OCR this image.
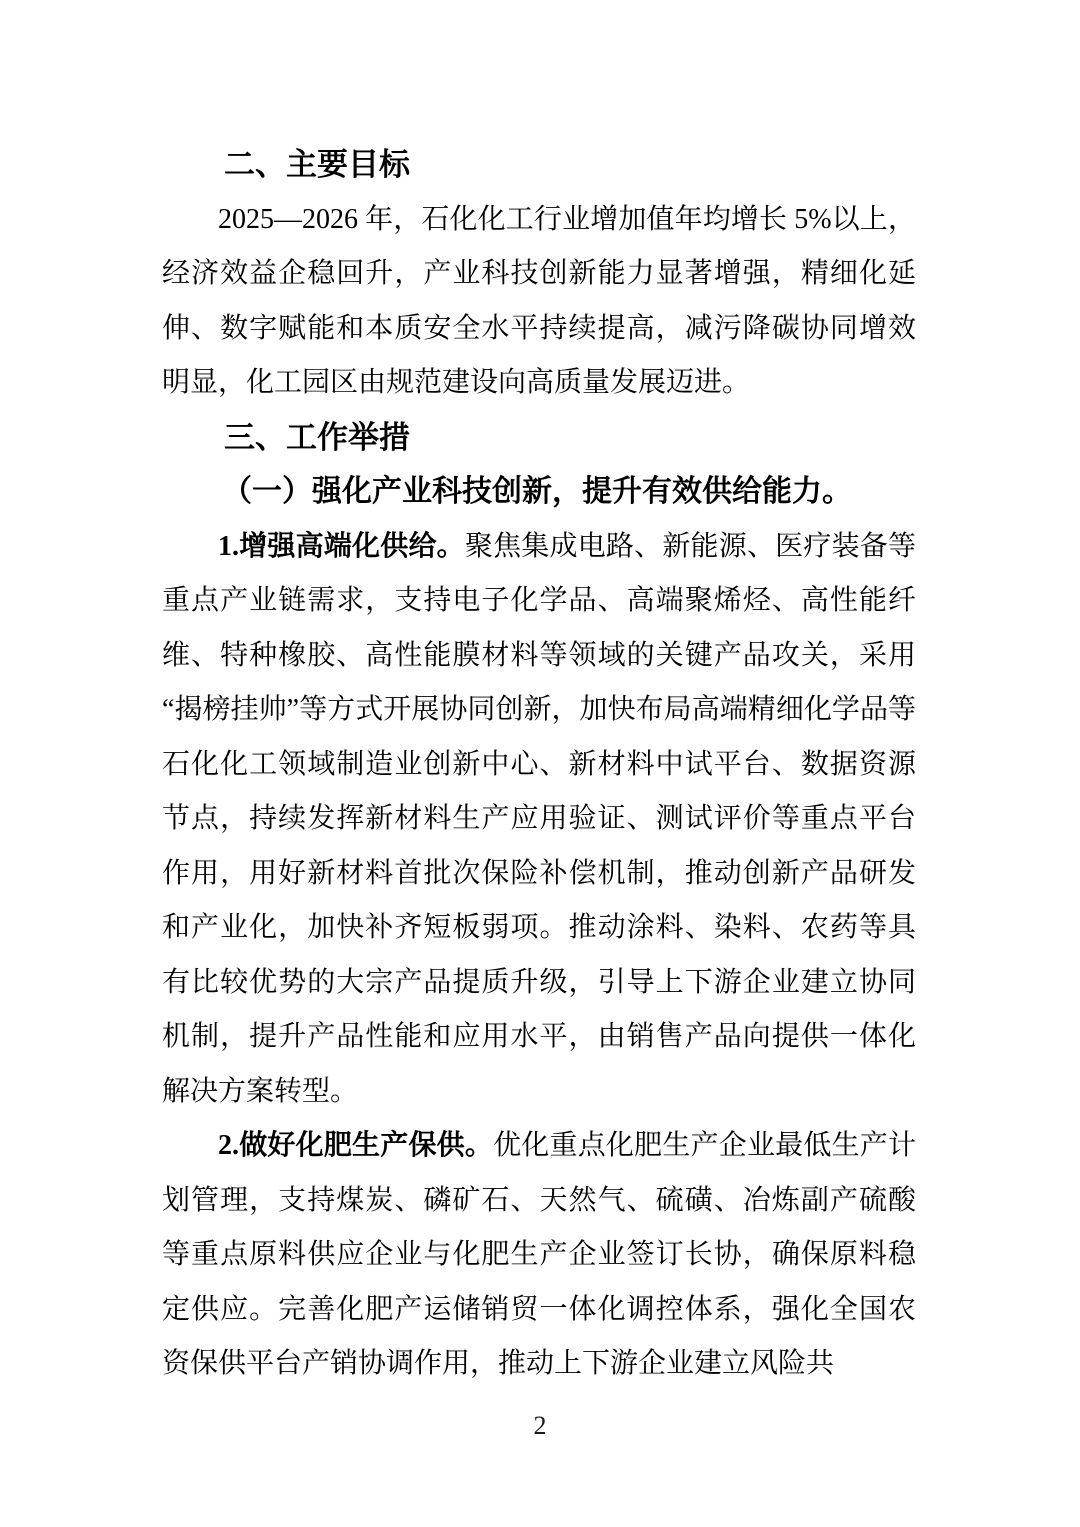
二、主要目标

2025—2026 年，石化化工行业增加值年均增长 5%以上，经济效益企稳回升，产业科技创新能力显著增强，精细化延伸、数字赋能和本质安全水平持续提高，减污降碳协同增效明显，化工园区由规范建设向高质量发展迈进。

三、工作举措

（一）强化产业科技创新，提升有效供给能力。

1.增强高端化供给。聚焦集成电路、新能源、医疗装备等重点产业链需求，支持电子化学品、高端聚烯烃、高性能纤维、特种橡胶、高性能膜材料等领域的关键产品攻关，采用“揭榜挂帅”等方式开展协同创新，加快布局高端精细化学品等石化化工领域制造业创新中心、新材料中试平台、数据资源节点，持续发挥新材料生产应用验证、测试评价等重点平台作用，用好新材料首批次保险补偿机制，推动创新产品研发和产业化，加快补齐短板弱项。推动涂料、染料、农药等具有比较优势的大宗产品提质升级，引导上下游企业建立协同机制，提升产品性能和应用水平，由销售产品向提供一体化解决方案转型。

2.做好化肥生产保供。优化重点化肥生产企业最低生产计划管理，支持煤炭、磷矿石、天然气、硫磺、冶炼副产硫酸等重点原料供应企业与化肥生产企业签订长协，确保原料稳定供应。完善化肥产运储销贸一体化调控体系，强化全国农资保供平台产销协调作用，推动上下游企业建立风险共

2
